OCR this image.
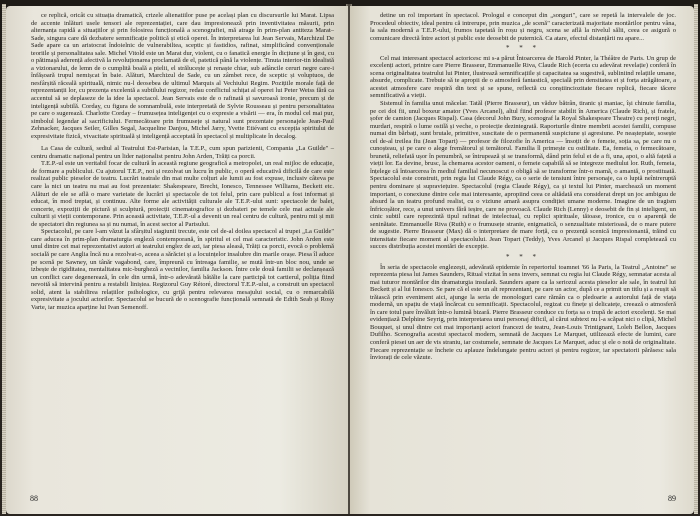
ce replică, oricât cu situația dramatică, crizele alienatiilor puse pe același plan cu discursurile lui Marat. Lipsa de accente inlături usele tensori ale reprezentației, care dau impresionează prin inventivitatea măsurii, prin alternanța rapidă a situațiilor și prin folosirea funcțională a scenografiei, mă atrage în prim-plan antiteza Marat–Sade, singura care dă dezbatere semnificație politică și etică operei. În interpretarea lui Jean Servais, Marchizul De Sade apare ca un aristocrat îndoielnic de vulnerabiltea, sceptic și fastidios, rafinat, simplificând convenționale teoriile și personalitatea sale. Michel Vitold este un Marat dur, violent, cu o fanatică energie în dicțiune și în gest, cu o pătimașă aderență afectivă la revoluționarea proclamată de el, patetică până la violențe. Tinuta interior-tin idealistă a vizionarului, de lemn de o cumplită boală a pielii, el strălucește și renaște chiar, sub adâncile ceruri negre care-i înfășoară trupul nemișcat în baie. Alături, Marchizul de Sade, cu un zâmbet rece, de sceptic și voluptuos, de nesfârșită răceală spirituală, nimic nu-l deosebea de ultimul Marquis al Vechiului Regim. Pozițiile morale față de reprezentanții lor, cu prezența excelentă a subtilului regizor, redau conflictul schițat al operei lui Peter Weiss fără ca accentul să se deplaseze de la idee la spectacol. Jean Servais este de o rafinată și savuroasă ironie, precum și de inteligență subtilă. Corday, cu figura de somnambulă, este interpretată de Sylvie Rousseau și pentru personalitatea pe care o sugerează. Charlotte Corday – frumusețea inteligenței cu o expresie a visării — era, în modul cel mai pur, simbolul legendar al sacrificiului. Fermecătoare prin frumusețe și natural sunt prezentate personajele Jean-Paul Zehnacker, Jacques Seiler, Gilles Segal, Jacqueline Danjou, Michel Jarry, Yvette Etiévant cu excepția spiritului de expresivitate fizică, vivacitate spirituală și inteligență acceptată în spectacol și multiplicate în decalog.

La Casa de cultură, sediul al Teatrului Est-Parisian, la T.E.P., cum spun parizienii, Compania „La Guilde" – centru dramatic național pentru un lider naționalist pentru John Arden, Trăiți ca porcii.

T.E.P.-ul este un veritabil focar de cultură în această regiune geografică a metropolei, un real mijloc de educație, de formare a publicului. Cu ajutorul T.E.P., noi și rezolvat un lucru în public, o operă educativă dificilă de care este realizat public pieselor de teatru. Lucrări teatrale din mai multe colțuri ale lumii au fost expuse, inclusiv câteva pe care la nici un teatru nu mai au fost prezentate: Shakespeare, Brecht, Ionesco, Tennessee Williams, Beckett etc. Alături de ele se află o mare varietate de lucrări și spectacole de tot felul, prin care publicul a fost informat și educat, în mod treptat, și continuu. Alte forme ale activității culturale ale T.E.P.-ului sunt: spectacole de balet, concerte, expoziții de pictură și sculptură, proiecții cinematografice și dezbateri pe temele cele mai actuale ale culturii și vieții contemporane. Prin această activitate, T.E.P.-ul a devenit un real centru de cultură, pentru mii și mii de spectatori din regiunea sa și nu numai, în acest sector al Parisului.

Spectacolul, pe care l-am văzut la sfârșitul stagiunii trecute, este cel de-al doilea spectacol al trupei „La Guilde" care aducea în prim-plan dramaturgia engleză contemporană, în spiritul ei cel mai caracteristic. John Arden este unul dintre cei mai reprezentativi autori ai teatrului englez de azi, iar piesa aleasă, Trăiți ca porcii, evocă o problemă socială pe care Anglia încă nu a rezolvat-o, aceea a sărăciei și a locuințelor insalubre din marile orașe. Piesa îl aduce pe scenă pe Sawney, un tânăr vagabond, care, împreună cu întreaga familie, se mută într-un bloc nou, unde se izbește de rigiditatea, mentalitatea mic-burgheză a vecinilor, familia Jackson. Între cele două familii se declanșează un conflict care degenerează, în cele din urmă, într-o adevărată bătălie la care participă tot cartierul, poliția fiind nevoită să intervină pentru a restabili liniștea. Regizorul Guy Rétoré, directorul T.E.P.-ului, a construit un spectacol solid, atent la stabilirea relațiilor psihologice, cu grijă pentru relevarea mesajului social, cu o remarcabilă expresivitate a jocului actorilor. Spectacolul se bucură de o scenografie funcțională semnată de Edith Seab și Rosy Varte, iar muzica aparține lui Ivan Semenoff.

88

detine un rol important în spectacol. Prologul e conceput din „songuri", care se repetă la intervalele de joc. Procedeul obiectiv, ideal pentru că intrerupe, prin muzica „de scenă" caracterizată majoritate montărilor pentru vâna, la sala modernă a T.E.P.-ului, frumos tapetată în roșu și negru, scena se află la nivelul sălii, ceea ce asigură o comunicare directă între actori și public este deosebit de puternică. Ca atare, efectul distanțării nu apare...

* * *

Cel mai interesant spectacol actoricesc mi s-a părut Întoarcerea de Harold Pinter, la Théâtre de Paris. Un grup de excelenți actori, printre care Pierre Brasseur, Emmanuelle Riva, Claude Rich (ecerta cu adevărat revelație) conferă în scena originalitatea teatrului lui Pinter, ilustrează semnificațiile și capacitatea sa sugestivă, subliniind relațiile umane, absurde, complicate. Trebuie să te apropii de o atmosferă fantastică, specială prin densitatea ei și forța atrăgătoare, a acestei atmosfere care respiră din text și se spune, reflectă cu conștiinciozitate fiecare replică, fiecare tăcere semnificativă a vieții.

Sistemul în familia unui măcelar. Tatăl (Pierre Brasseur), un văduv bătrân, tiranic și maniac, își chinuie familia, pe cei doi fii, unul boxeur amator (Yves Arcanel), altul fiind profesor stabilit în America (Claude Rich), și fratele, șofer de camion (Jacques Rispal). Casa (decorul John Bury, scenograf la Royal Shakespeare Theatre) cu pereți negri, murdari, respiră o lume ostilă și veche, o proiecție dezintegrată. Raporturile dintre membrii acestei familii, compuse numai din bărbați, sunt brutale, primitive, suscitate de o permanentă suspiciune și agresiune. Pe neașteptate, sosește cel de-al treilea fiu (Jean Topart) — profesor de filozofie în America — însoțit de o femeie, soția sa, pe care nu o cunoșteau, și pe care o alege fremătorul și temătorul. Familia îl primește cu ostilitate. Ea, femeia, o fermecătoare, brunetă, reliefată ușor în penumbră, se întrupează și se transformă, dând prin felul ei de a fi, una, apoi, o altă fațetă a vieții lor. Ea devine, brusc, la chemarea acestor oameni, o femeie capabilă să se integreze mediului lor. Ruth, femeia, înțelege că întoarcerea în mediul familial necunoscut o obligă să se transforme într-o mamă, o amantă, o prostituată. Spectacolul este construit, prin regia lui Claude Régy, ca o serie de tensiuni între personaje, ca o luptă neîntreruptă pentru dominare și supraviețuire. Spectacolul (regia Claude Régy), ca și textul lui Pinter, marchează un moment important, o conexiune dintre cele mai interesante, apropiind ceea ce altădată era considerat drept un joc ambiguu de absurd la un teatru profund realist, cu o viziune amară asupra condiției umane moderne. Imagine de un tragism înfricoșător, rece, a unui univers fără ieșire, care ne provoacă. Claude Rich (Lenny) e deosebit de fin și inteligent, un cinic subtil care reprezintă tipul rafinat de intelectual, cu replici spirituale, tăioase, ironice, cu o aparență de seninătate. Emmanuelle Riva (Ruth) e o frumusețe stranie, enigmatică, o senzualitate misterioasă, de o mare putere de sugestie. Pierre Brasseur (Max) dă o interpretare de mare forță, cu o prezență scenică impresionantă, trăind cu intensitate fiecare moment al spectacolului. Jean Topart (Teddy), Yves Arcanel și Jacques Rispal completează cu succes distribuția acestei montări de excepție.

* * *

În seria de spectacole englezești, adevărată epidemie în repertoriul toamnei '66 la Paris, la Teatrul „Antoine" se reprezenta piesa lui James Saunders, Ritual vizitat în sens invers, semnat cu regia lui Claude Régy, semnatar acesta al mai tuturor montărilor din dramaturgia insulară. Saunders apare ca la seriozul acesta pieselor ale sale, în teatrul lui Beckett și al lui Ionesco. Se pare că el este un alt reprezentant, pe care un actor, după ce a primit un titlu și a reușit să trăiască prin eveniment aici, ajunge la seria de monologuri care rămân ca o pledoarie a autorului față de viața modernă, un spațiu de viață încărcat cu semnificații. Spectacolul, regizat cu finețe și delicatețe, creează o atmosferă în care totul pare învăluit într-o lumină bizară. Pierre Brasseur conduce cu forța sa o trupă de actori excelenți. Se mai evidențiază Delphine Seyrig, prin interpretarea unui personaj dificil, al cărui subtext nu l-a scăpat nici o clipă, Michel Bouquet, și unul dintre cei mai importanți actori francezi de teatru, Jean-Louis Trintignant, Loleh Bellon, Jacques Dufilho. Scenografia acestui spectacol modern, semnată de Jacques Le Marquet, utilizează efecte de lumini, care conferă piesei un aer de vis straniu, iar costumele, semnate de Jacques Le Marquet, aduc și ele o notă de originalitate. Fiecare reprezentație se încheie cu aplauze îndelungate pentru actori și pentru regizor, iar spectatorii părăsesc sala înviorați de cele văzute.

89
